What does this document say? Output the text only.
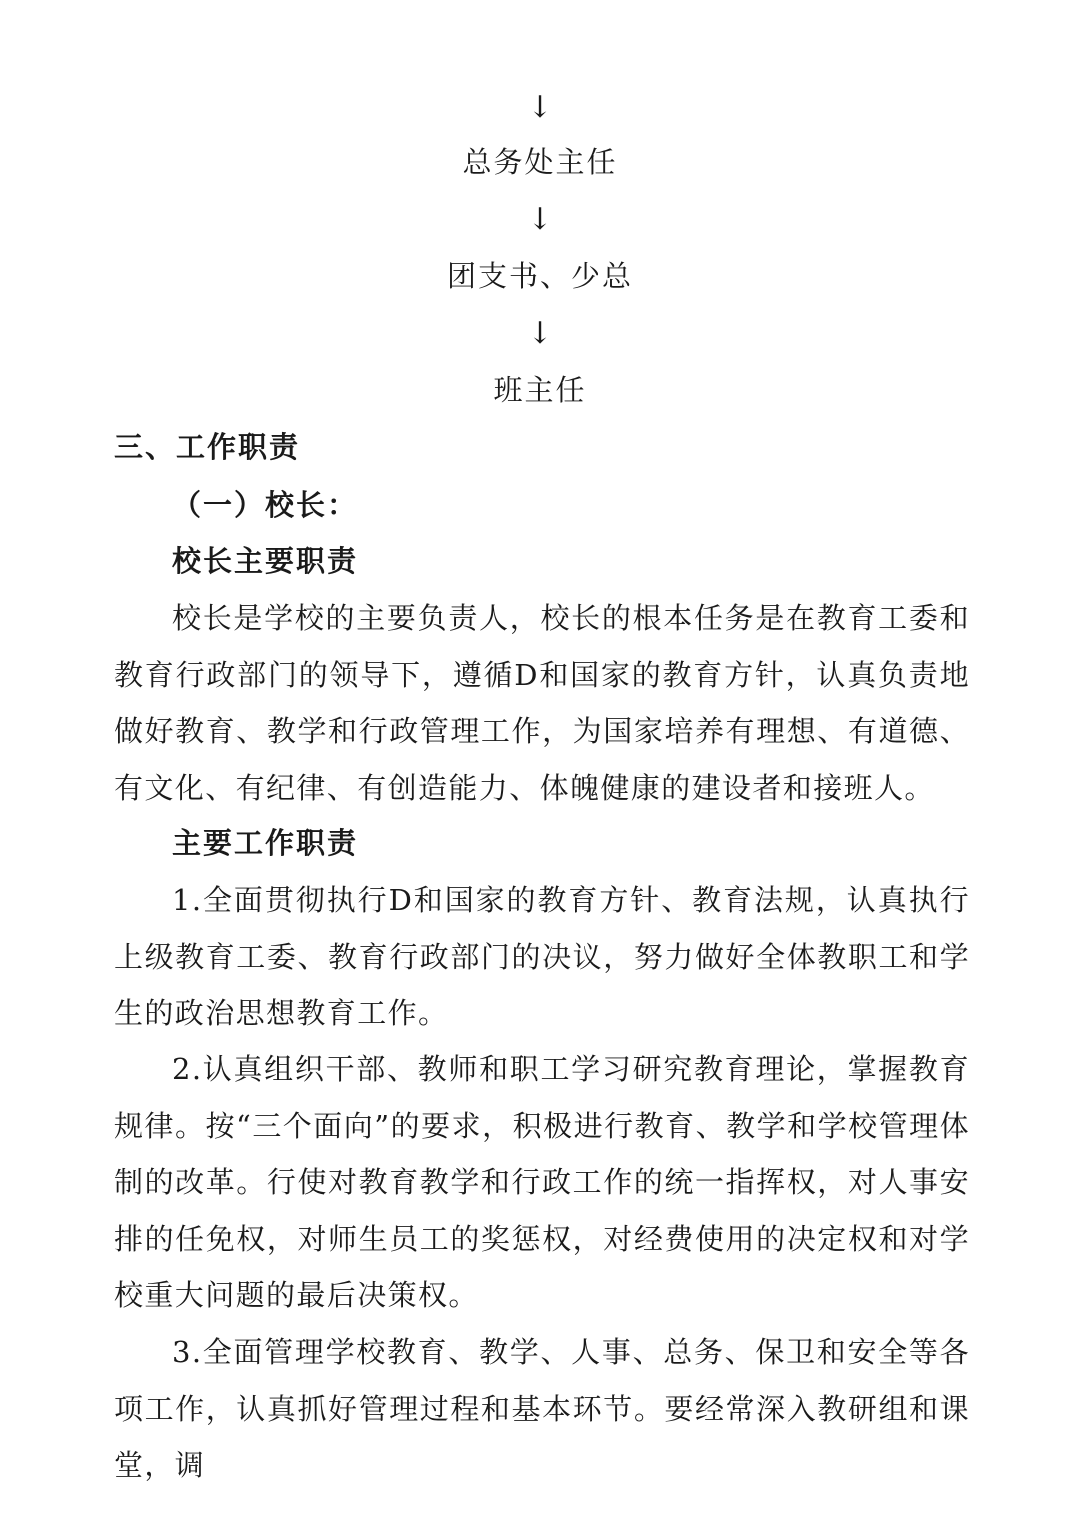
↓
总务处主任
↓
团支书、少总
↓
班主任
三、工作职责
（一）校长：
校长主要职责

校长是学校的主要负责人，校长的根本任务是在教育工委和教育行政部门的领导下，遵循D和国家的教育方针，认真负责地做好教育、教学和行政管理工作，为国家培养有理想、有道德、有文化、有纪律、有创造能力、体魄健康的建设者和接班人。

主要工作职责

1.全面贯彻执行D和国家的教育方针、教育法规，认真执行上级教育工委、教育行政部门的决议，努力做好全体教职工和学生的政治思想教育工作。

2.认真组织干部、教师和职工学习研究教育理论，掌握教育规律。按“三个面向”的要求，积极进行教育、教学和学校管理体制的改革。行使对教育教学和行政工作的统一指挥权，对人事安排的任免权，对师生员工的奖惩权，对经费使用的决定权和对学校重大问题的最后决策权。

3.全面管理学校教育、教学、人事、总务、保卫和安全等各项工作，认真抓好管理过程和基本环节。要经常深入教研组和课堂，调
